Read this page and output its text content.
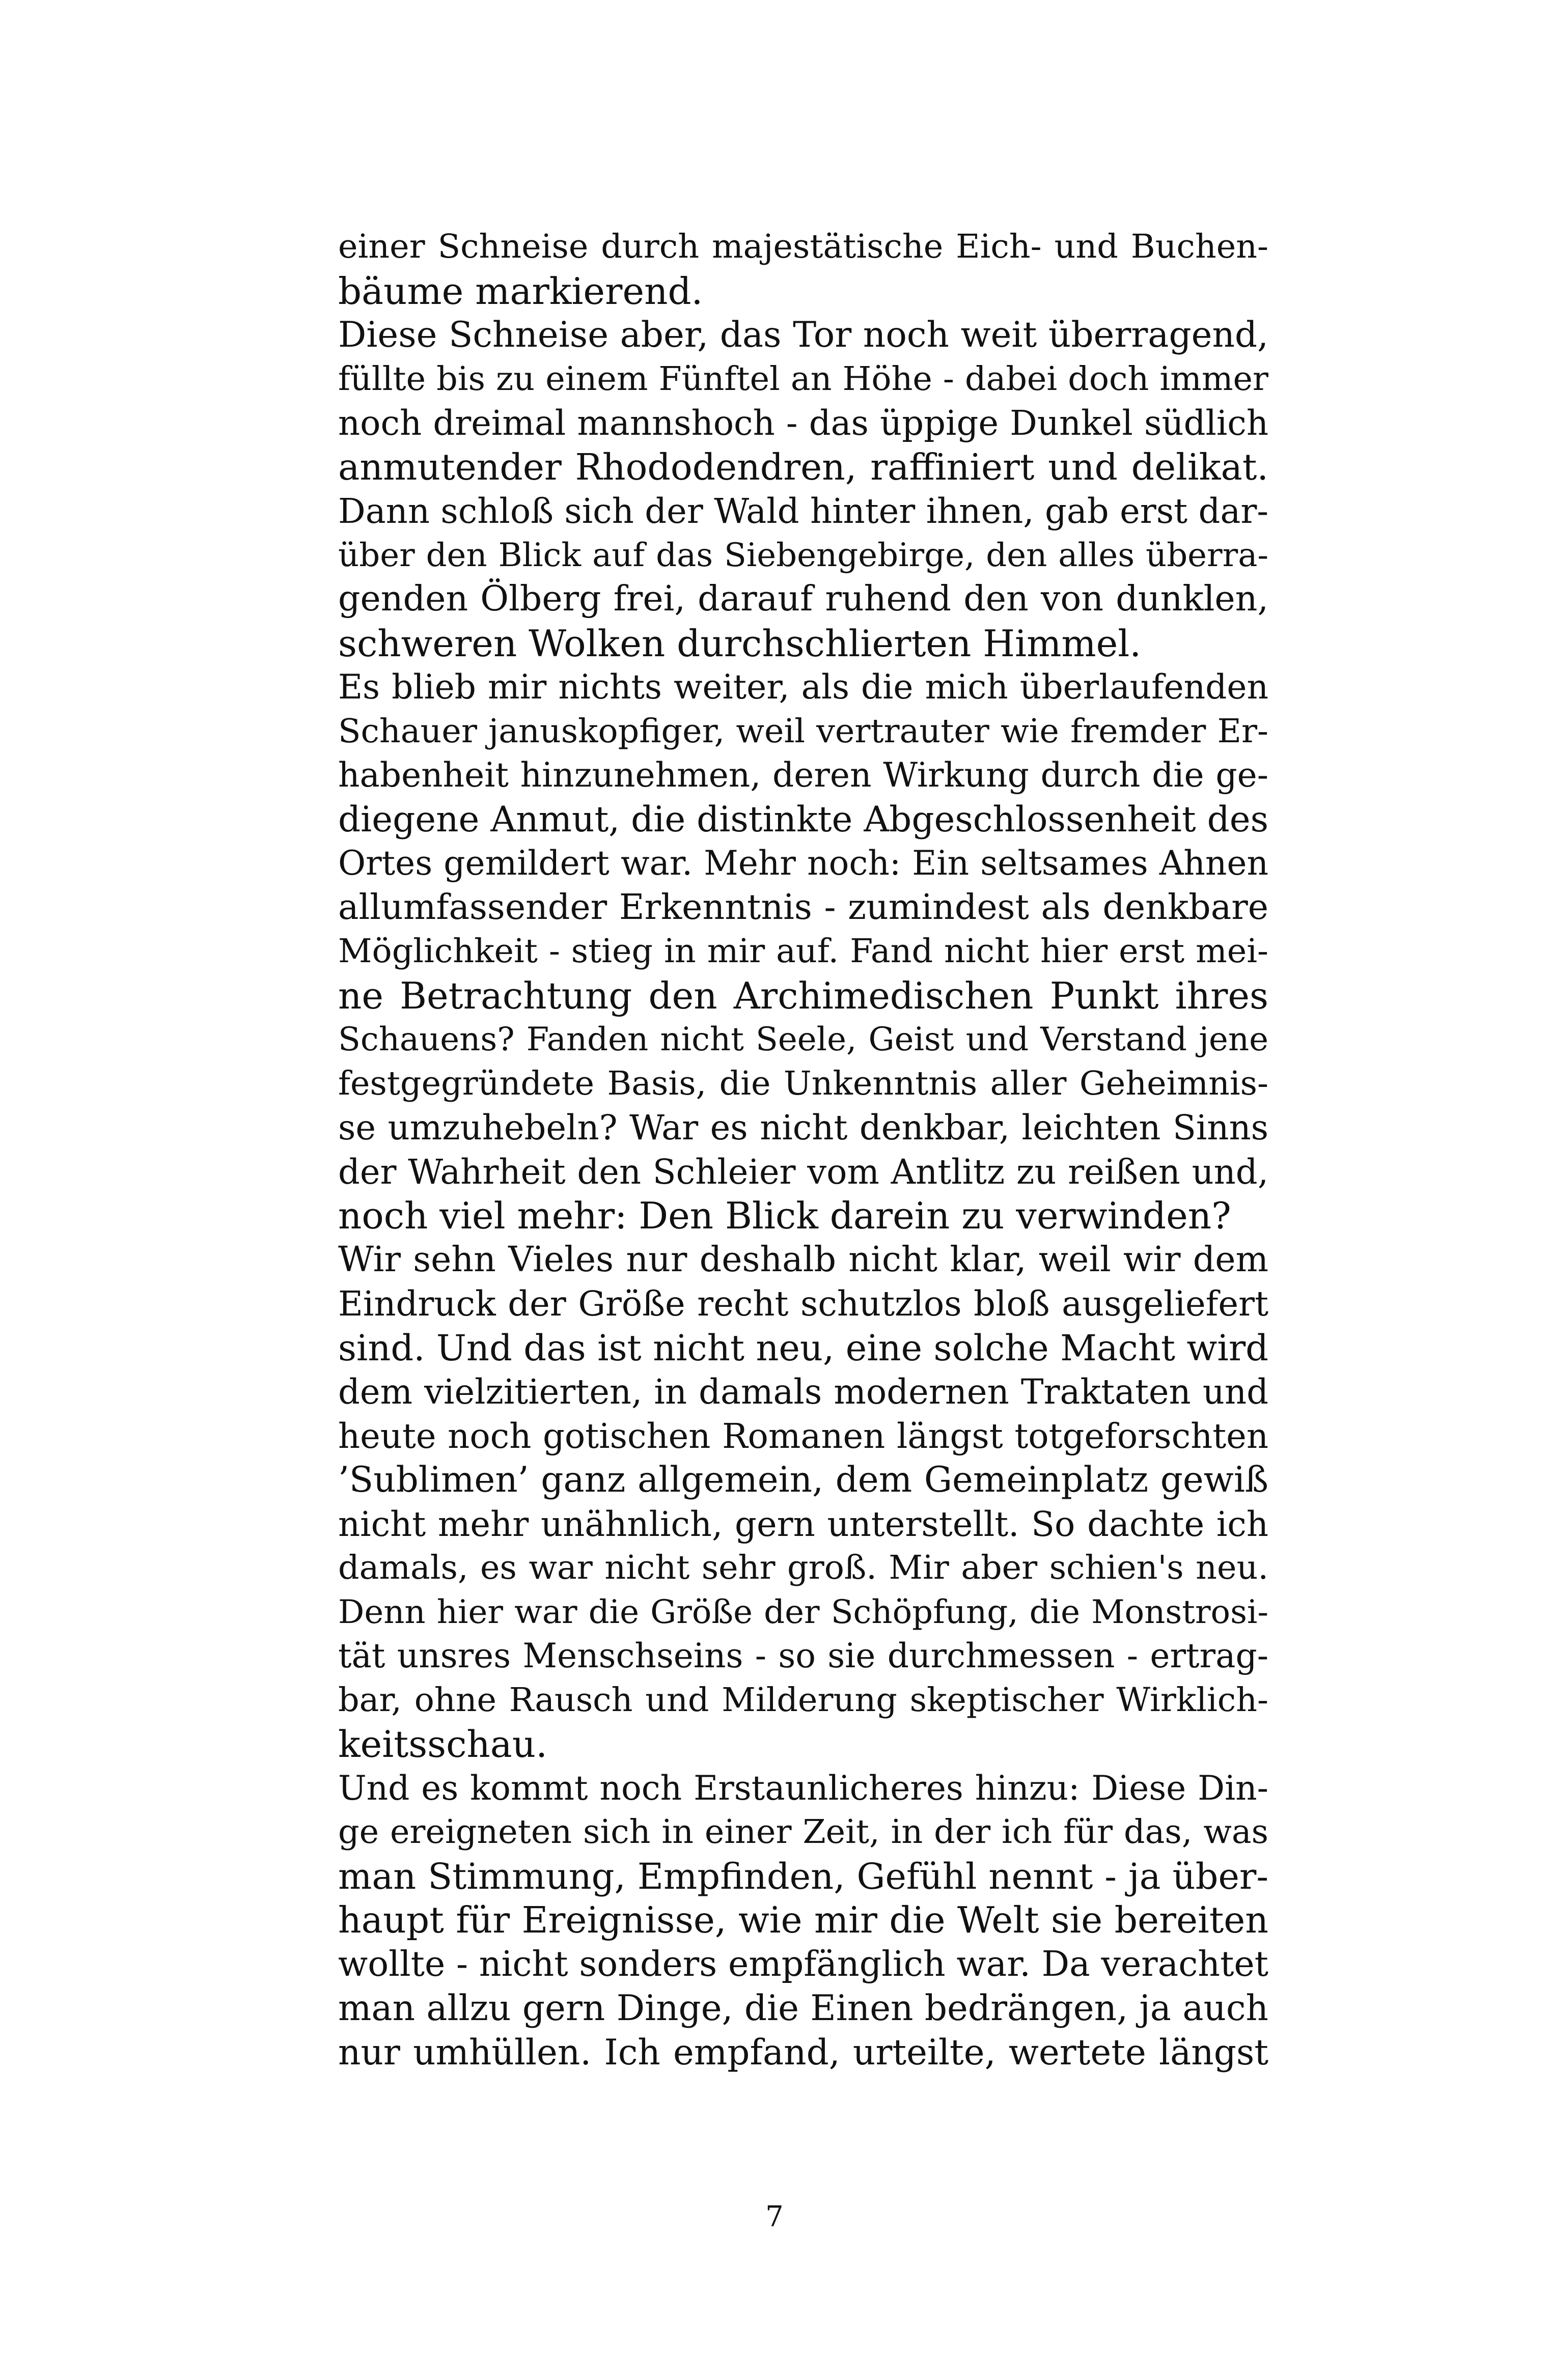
einer Schneise durch majestätische Eich- und Buchen-
bäume markierend.
Diese Schneise aber, das Tor noch weit überragend,
füllte bis zu einem Fünftel an Höhe - dabei doch immer
noch dreimal mannshoch - das üppige Dunkel südlich
anmutender Rhododendren, raffiniert und delikat.
Dann schloß sich der Wald hinter ihnen, gab erst dar-
über den Blick auf das Siebengebirge, den alles überra-
genden Ölberg frei, darauf ruhend den von dunklen,
schweren Wolken durchschlierten Himmel.
Es blieb mir nichts weiter, als die mich überlaufenden
Schauer januskopfiger, weil vertrauter wie fremder Er-
habenheit hinzunehmen, deren Wirkung durch die ge-
diegene Anmut, die distinkte Abgeschlossenheit des
Ortes gemildert war. Mehr noch: Ein seltsames Ahnen
allumfassender Erkenntnis - zumindest als denkbare
Möglichkeit - stieg in mir auf. Fand nicht hier erst mei-
ne Betrachtung den Archimedischen Punkt ihres
Schauens? Fanden nicht Seele, Geist und Verstand jene
festgegründete Basis, die Unkenntnis aller Geheimnis-
se umzuhebeln? War es nicht denkbar, leichten Sinns
der Wahrheit den Schleier vom Antlitz zu reißen und,
noch viel mehr: Den Blick darein zu verwinden?
Wir sehn Vieles nur deshalb nicht klar, weil wir dem
Eindruck der Größe recht schutzlos bloß ausgeliefert
sind. Und das ist nicht neu, eine solche Macht wird
dem vielzitierten, in damals modernen Traktaten und
heute noch gotischen Romanen längst totgeforschten
’Sublimen’ ganz allgemein, dem Gemeinplatz gewiß
nicht mehr unähnlich, gern unterstellt. So dachte ich
damals, es war nicht sehr groß. Mir aber schien's neu.
Denn hier war die Größe der Schöpfung, die Monstrosi-
tät unsres Menschseins - so sie durchmessen - ertrag-
bar, ohne Rausch und Milderung skeptischer Wirklich-
keitsschau.
Und es kommt noch Erstaunlicheres hinzu: Diese Din-
ge ereigneten sich in einer Zeit, in der ich für das, was
man Stimmung, Empfinden, Gefühl nennt - ja über-
haupt für Ereignisse, wie mir die Welt sie bereiten
wollte - nicht sonders empfänglich war. Da verachtet
man allzu gern Dinge, die Einen bedrängen, ja auch
nur umhüllen. Ich empfand, urteilte, wertete längst
7
